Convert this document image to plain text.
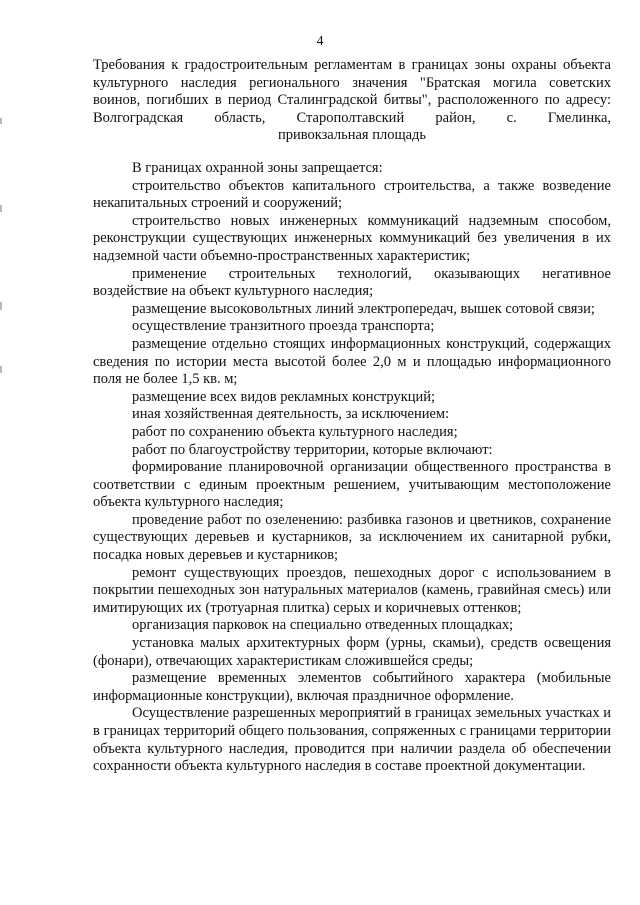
4
Требования к градостроительным регламентам в границах зоны охраны объекта
культурного наследия регионального значения "Братская могила советских
воинов, погибших в период Сталинградской битвы", расположенного по адресу:
Волгоградская область, Старополтавский район, с. Гмелинка,
привокзальная площадь

В границах охранной зоны запрещается:

строительство объектов капитального строительства, а также возведение некапитальных строений и сооружений;

строительство новых инженерных коммуникаций надземным способом, реконструкции существующих инженерных коммуникаций без увеличения в их надземной части объемно-пространственных характеристик;

применение строительных технологий, оказывающих негативное воздействие на объект культурного наследия;

размещение высоковольтных линий электропередач, вышек сотовой связи;

осуществление транзитного проезда транспорта;

размещение отдельно стоящих информационных конструкций, содержащих сведения по истории места высотой более 2,0 м и площадью информационного поля не более 1,5 кв. м;

размещение всех видов рекламных конструкций;

иная хозяйственная деятельность, за исключением:

работ по сохранению объекта культурного наследия;

работ по благоустройству территории, которые включают:

формирование планировочной организации общественного пространства в соответствии с единым проектным решением, учитывающим местоположение объекта культурного наследия;

проведение работ по озеленению: разбивка газонов и цветников, сохранение существующих деревьев и кустарников, за исключением их санитарной рубки, посадка новых деревьев и кустарников;

ремонт существующих проездов, пешеходных дорог с использованием в покрытии пешеходных зон натуральных материалов (камень, гравийная смесь) или имитирующих их (тротуарная плитка) серых и коричневых оттенков;

организация парковок на специально отведенных площадках;

установка малых архитектурных форм (урны, скамьи), средств освещения (фонари), отвечающих характеристикам сложившейся среды;

размещение временных элементов событийного характера (мобильные информационные конструкции), включая праздничное оформление.

Осуществление разрешенных мероприятий в границах земельных участках и в границах территорий общего пользования, сопряженных с границами территории объекта культурного наследия, проводится при наличии раздела об обеспечении сохранности объекта культурного наследия в составе проектной документации.
